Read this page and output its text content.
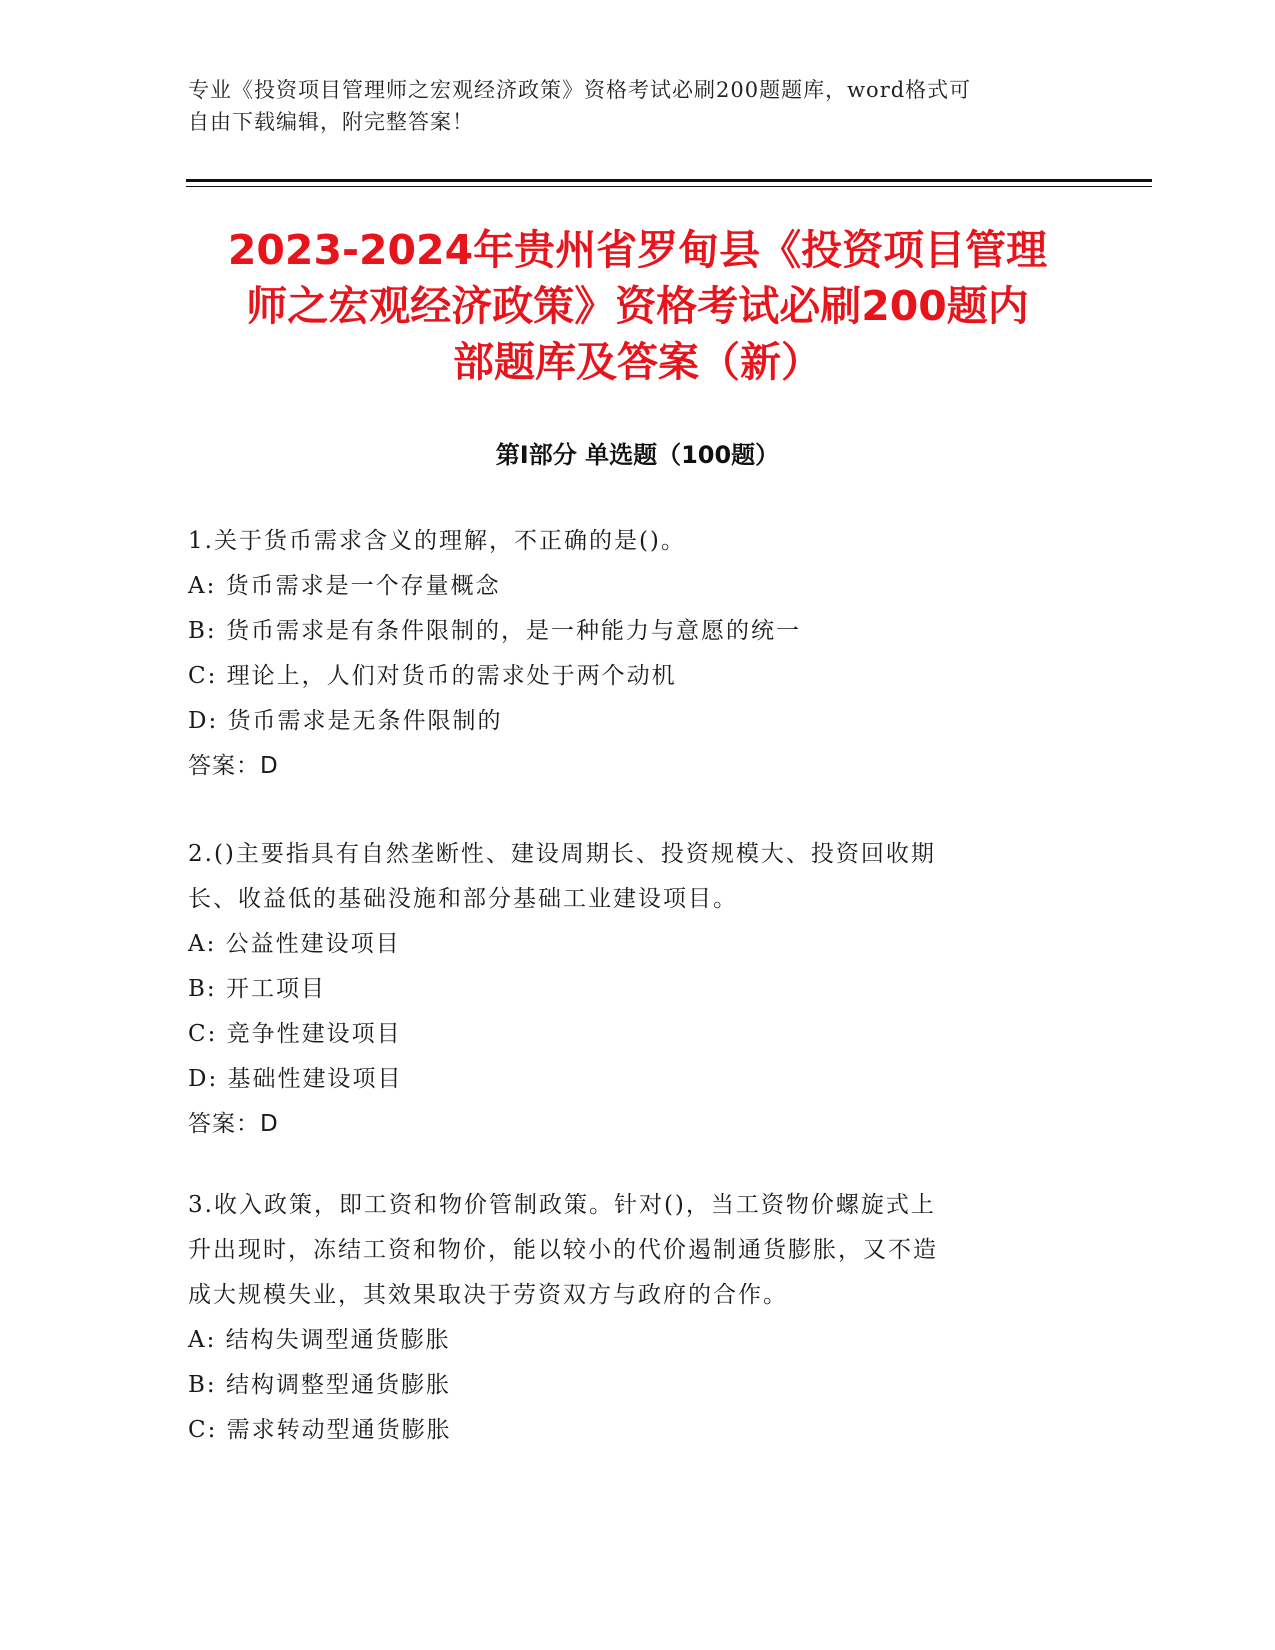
专业《投资项目管理师之宏观经济政策》资格考试必刷200题题库，word格式可
自由下载编辑，附完整答案！
2023-2024年贵州省罗甸县《投资项目管理
师之宏观经济政策》资格考试必刷200题内
部题库及答案（新）
第Ⅰ部分 单选题（100题）
1.关于货币需求含义的理解，不正确的是()。
A: 货币需求是一个存量概念
B: 货币需求是有条件限制的，是一种能力与意愿的统一
C: 理论上，人们对货币的需求处于两个动机
D: 货币需求是无条件限制的
答案：D
2.()主要指具有自然垄断性、建设周期长、投资规模大、投资回收期
长、收益低的基础没施和部分基础工业建设项目。
A: 公益性建设项目
B: 开工项目
C: 竞争性建设项目
D: 基础性建设项目
答案：D
3.收入政策，即工资和物价管制政策。针对()，当工资物价螺旋式上
升出现时，冻结工资和物价，能以较小的代价遏制通货膨胀，又不造
成大规模失业，其效果取决于劳资双方与政府的合作。
A: 结构失调型通货膨胀
B: 结构调整型通货膨胀
C: 需求转动型通货膨胀
